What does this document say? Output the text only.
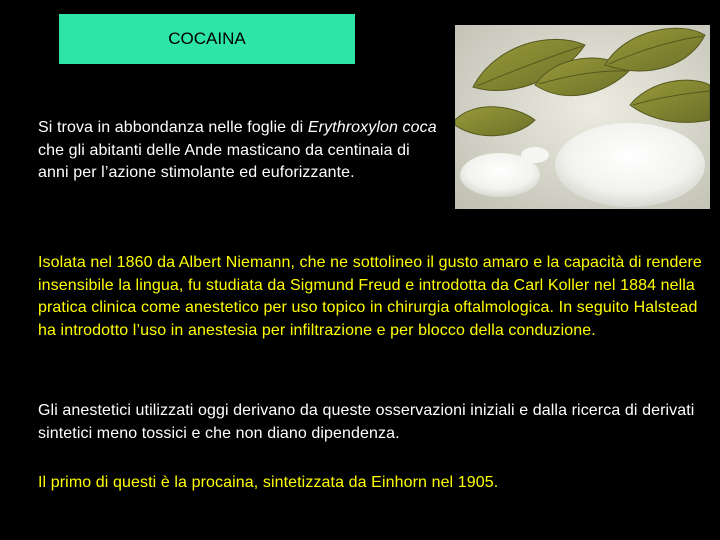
COCAINA

Si trova in abbondanza nelle foglie di Erythroxylon coca che gli abitanti delle Ande masticano da centinaia di anni per l’azione stimolante ed euforizzante.

Isolata nel 1860 da Albert Niemann, che ne sottolineo il gusto amaro e la capacità di rendere insensibile la lingua, fu studiata da Sigmund Freud e introdotta da Carl Koller nel 1884 nella pratica clinica come anestetico per uso topico in chirurgia oftalmologica. In seguito Halstead ha introdotto l’uso in anestesia per infiltrazione e per blocco della conduzione.

Gli anestetici utilizzati oggi derivano da queste osservazioni iniziali e dalla ricerca di derivati sintetici meno tossici e che non diano dipendenza.

Il primo di questi è la procaina, sintetizzata da Einhorn nel 1905.
